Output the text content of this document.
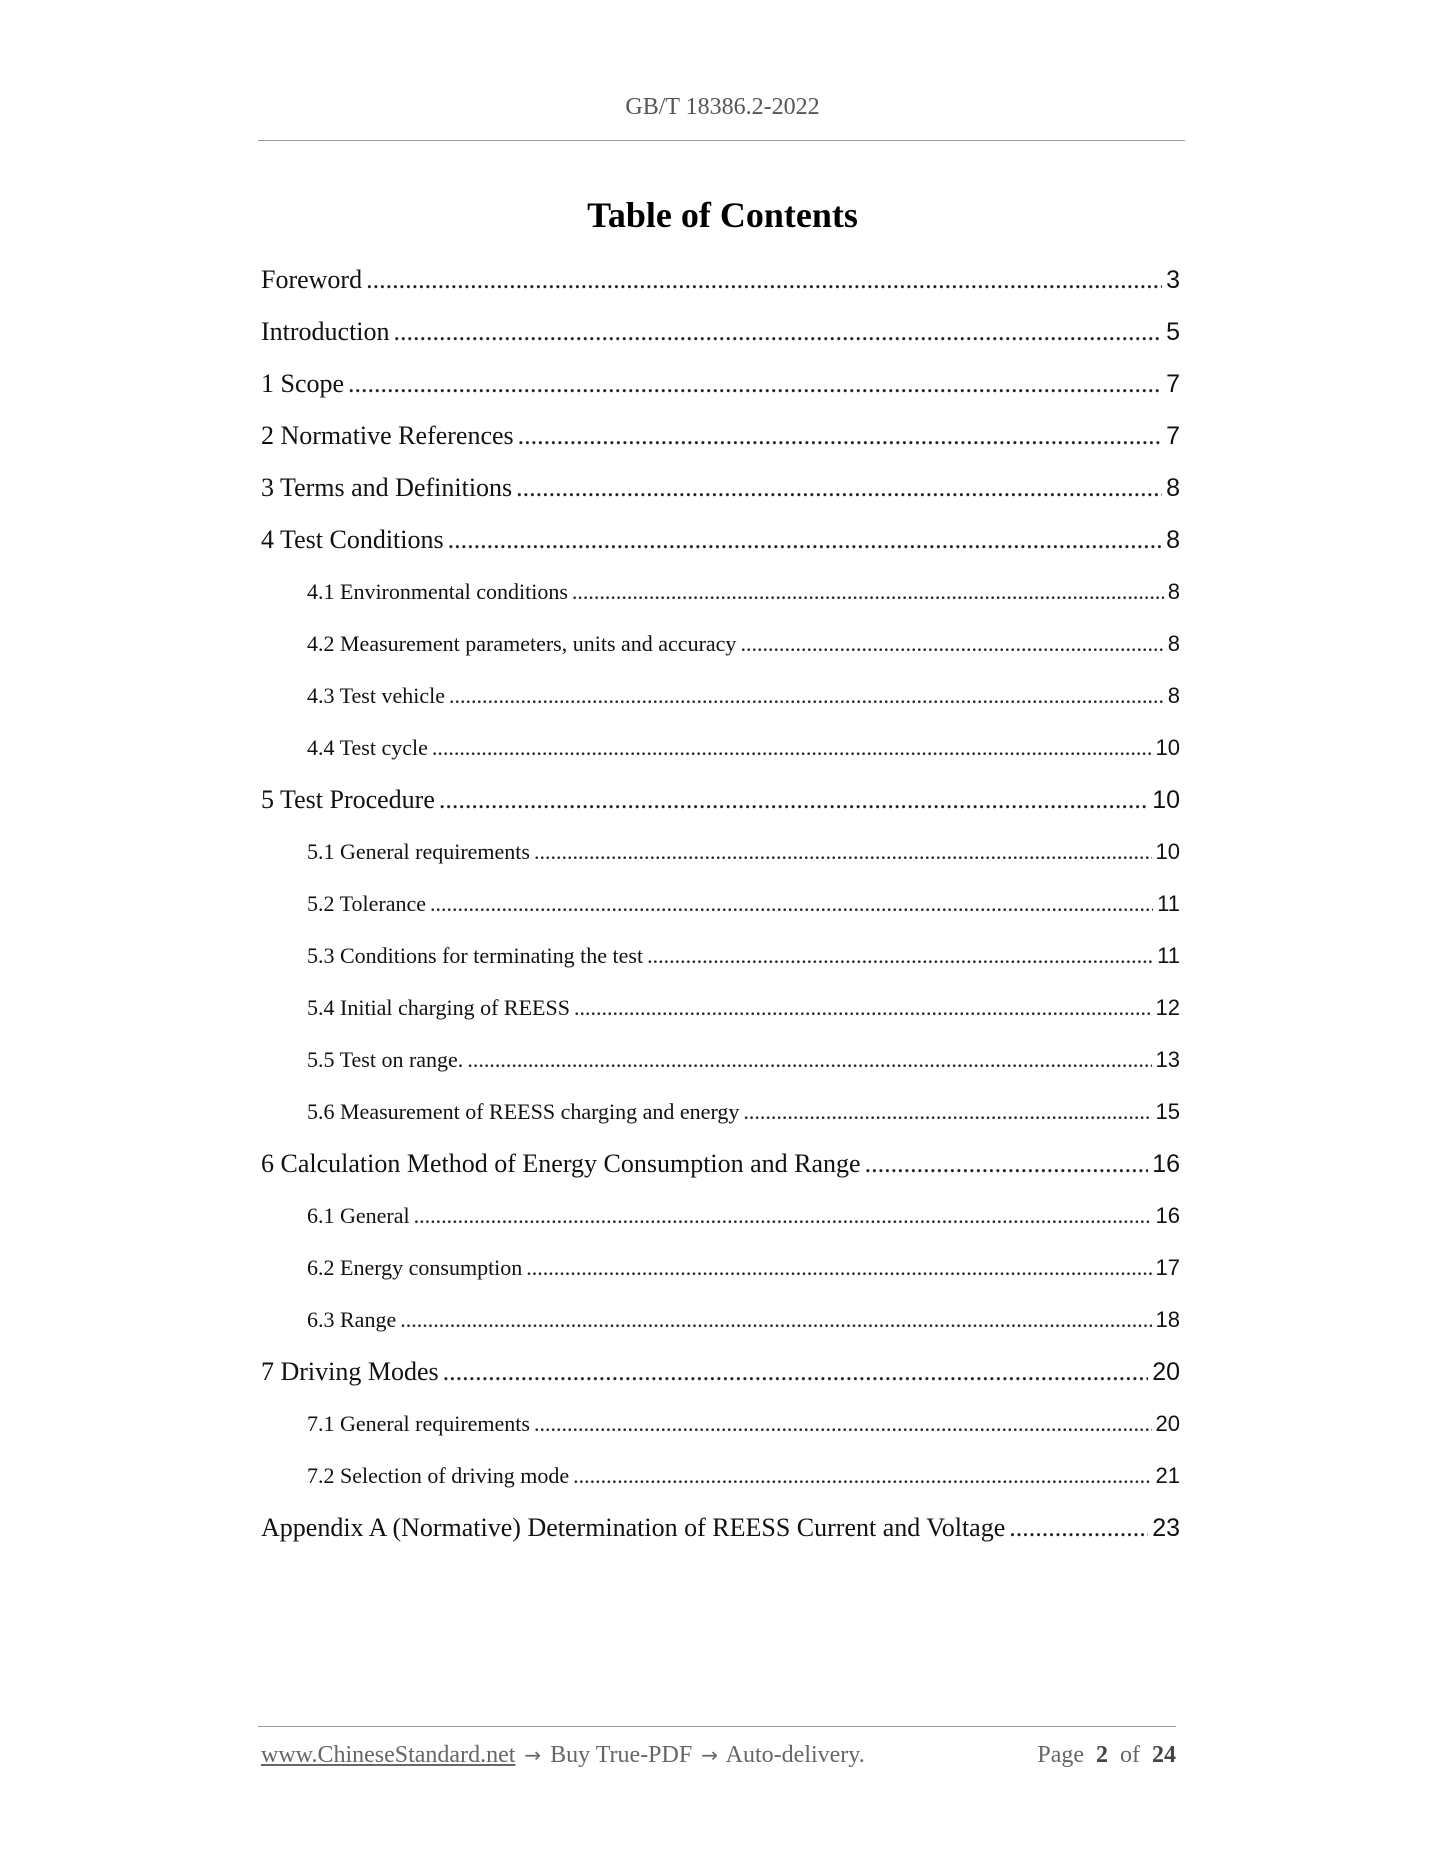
GB/T 18386.2-2022
Table of Contents
Foreword .....	3
Introduction .....	5
1 Scope .....	7
2 Normative References .....	7
3 Terms and Definitions .....	8
4 Test Conditions .....	8
4.1 Environmental conditions .....	8
4.2 Measurement parameters, units and accuracy .....	8
4.3 Test vehicle .....	8
4.4 Test cycle .....	10
5 Test Procedure .....	10
5.1 General requirements .....	10
5.2 Tolerance .....	11
5.3 Conditions for terminating the test .....	11
5.4 Initial charging of REESS .....	12
5.5 Test on range. .....	13
5.6 Measurement of REESS charging and energy .....	15
6 Calculation Method of Energy Consumption and Range .....	16
6.1 General .....	16
6.2 Energy consumption .....	17
6.3 Range .....	18
7 Driving Modes .....	20
7.1 General requirements .....	20
7.2 Selection of driving mode .....	21
Appendix A (Normative) Determination of REESS Current and Voltage .....	23
www.ChineseStandard.net → Buy True-PDF → Auto-delivery.	Page 2 of 24
